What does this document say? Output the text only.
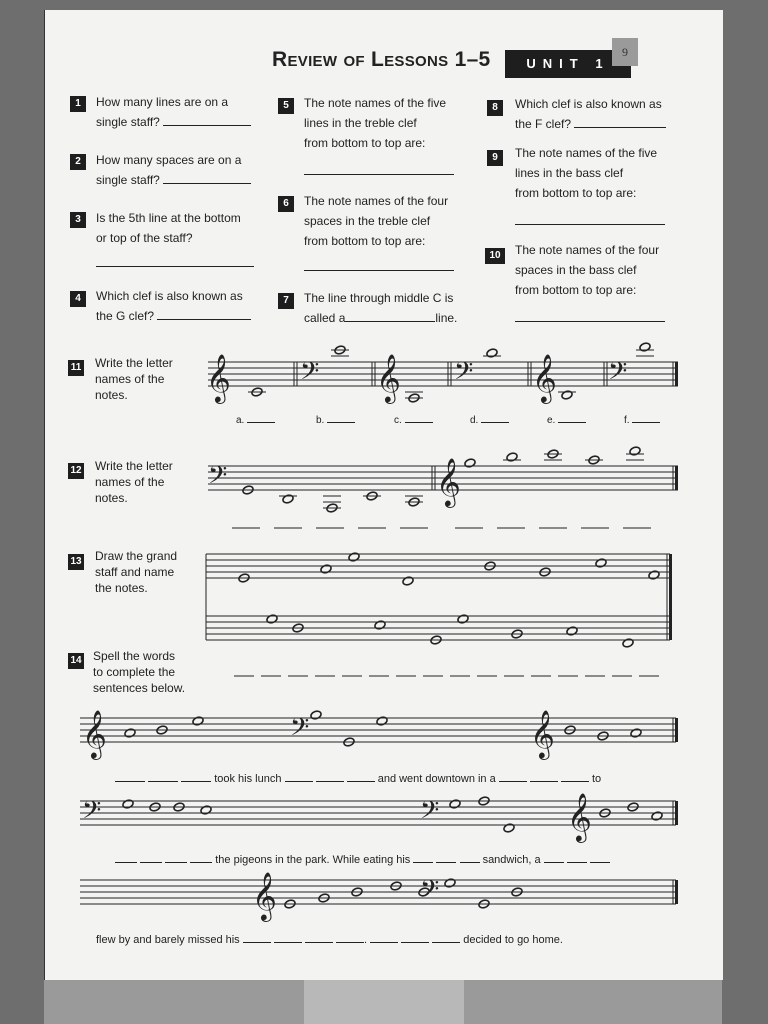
Review of Lessons 1–5	UNIT 1
9
1	How many lines are on a
single staff?
2	How many spaces are on a
single staff?
3	Is the 5th line at the bottom
or top of the staff?
4	Which clef is also known as
the G clef?
5	The note names of the five
lines in the treble clef
from bottom to top are:
6	The note names of the four
spaces in the treble clef
from bottom to top are:
7	The line through middle C is
called a	line.
8	Which clef is also known as
the F clef?
9	The note names of the five
lines in the bass clef
from bottom to top are:
10	The note names of the four
spaces in the bass clef
from bottom to top are:
11 Write the letter
names of the
notes.
a.	b.	c.	d.	e.	f.
12 Write the letter
names of the
notes.
13 Draw the grand
staff and name
the notes.
14 Spell the words
to complete the
sentences below.
took his lunch	and went downtown in a	to
the pigeons in the park. While eating his	sandwich, a
flew by and barely missed his	.	decided to go home.
𝄞 𝄢 𝄞 𝄢 𝄞 𝄢
𝄢	𝄞
𝄞	𝄢	𝄞
𝄢	𝄢	𝄞
𝄞	𝄢
